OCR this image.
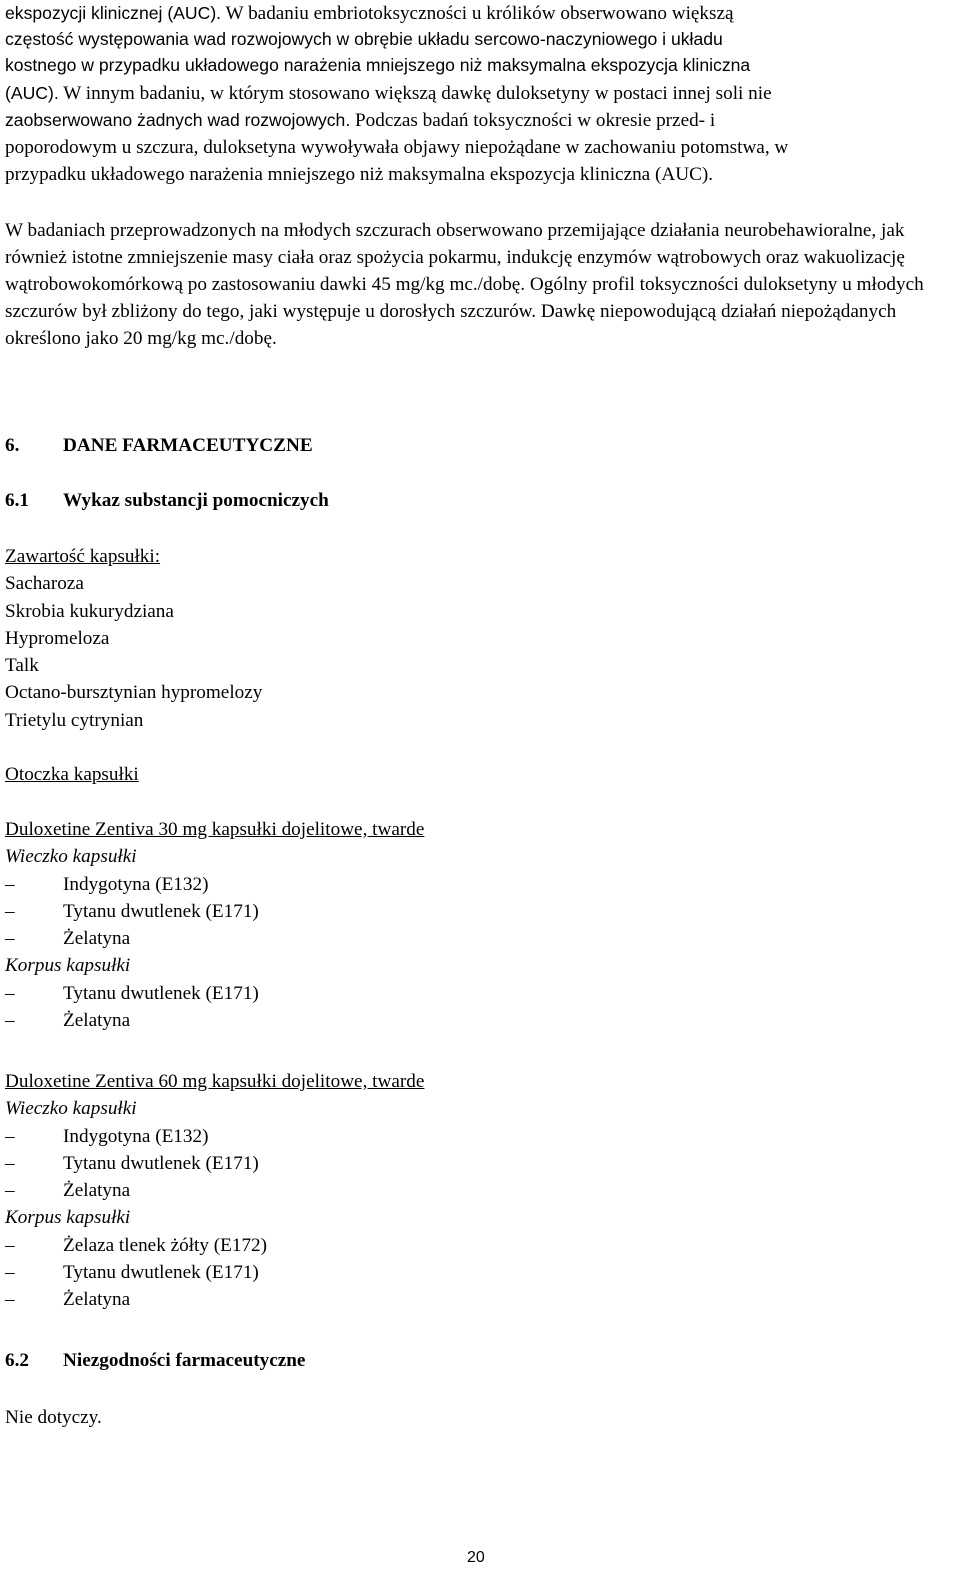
ekspozycji klinicznej (AUC). W badaniu embriotoksyczności u królików obserwowano większą
częstość występowania wad rozwojowych w obrębie układu sercowo-naczyniowego i układu
kostnego w przypadku układowego narażenia mniejszego niż maksymalna ekspozycja kliniczna
(AUC). W innym badaniu, w którym stosowano większą dawkę duloksetyny w postaci innej soli nie
zaobserwowano żadnych wad rozwojowych. Podczas badań toksyczności w okresie przed- i
poporodowym u szczura, duloksetyna wywoływała objawy niepożądane w zachowaniu potomstwa, w
przypadku układowego narażenia mniejszego niż maksymalna ekspozycja kliniczna (AUC).
W badaniach przeprowadzonych na młodych szczurach obserwowano przemijające działania neurobehawioralne, jak również istotne zmniejszenie masy ciała oraz spożycia pokarmu, indukcję enzymów wątrobowych oraz wakuolizację wątrobowokomórkową po zastosowaniu dawki 45 mg/kg mc./dobę. Ogólny profil toksyczności duloksetyny u młodych szczurów był zbliżony do tego, jaki występuje u dorosłych szczurów. Dawkę niepowodującą działań niepożądanych określono jako 20 mg/kg mc./dobę.
6. DANE FARMACEUTYCZNE
6.1 Wykaz substancji pomocniczych
Zawartość kapsułki:
Sacharoza
Skrobia kukurydziana
Hypromeloza
Talk
Octano-bursztynian hypromelozy
Trietylu cytrynian
Otoczka kapsułki
Duloxetine Zentiva 30 mg kapsułki dojelitowe, twarde
Wieczko kapsułki
–	Indygotyna (E132)
–	Tytanu dwutlenek (E171)
–	Żelatyna
Korpus kapsułki
–	Tytanu dwutlenek (E171)
–	Żelatyna
Duloxetine Zentiva 60 mg kapsułki dojelitowe, twarde
Wieczko kapsułki
–	Indygotyna (E132)
–	Tytanu dwutlenek (E171)
–	Żelatyna
Korpus kapsułki
–	Żelaza tlenek żółty (E172)
–	Tytanu dwutlenek (E171)
–	Żelatyna
6.2 Niezgodności farmaceutyczne
Nie dotyczy.
20
